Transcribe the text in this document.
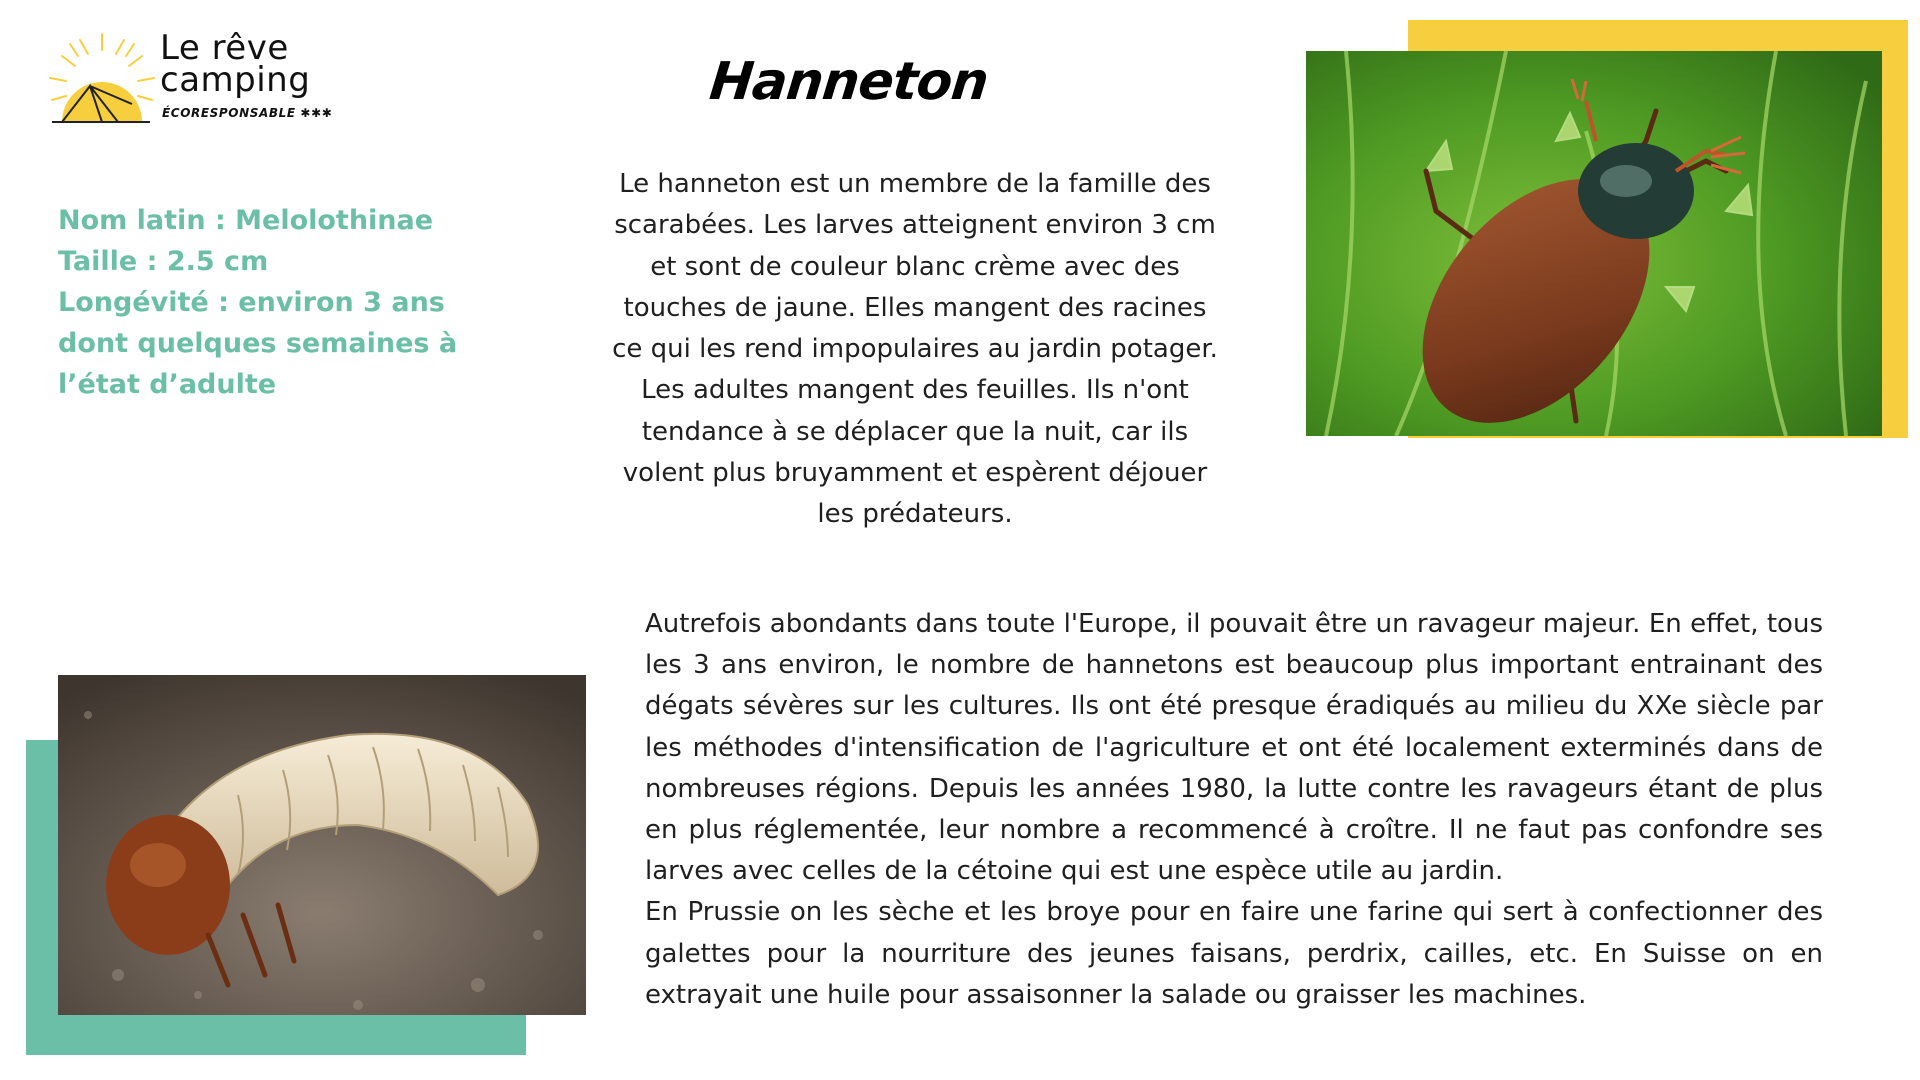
Le rêve
camping
ÉCORESPONSABLE ✱✱✱
Hanneton
Nom latin : Melolothinae
Taille : 2.5 cm
Longévité : environ 3 ans
dont quelques semaines à
l’état d’adulte
Le hanneton est un membre de la famille des scarabées. Les larves atteignent environ 3 cm et sont de couleur blanc crème avec des touches de jaune. Elles mangent des racines ce qui les rend impopulaires au jardin potager. Les adultes mangent des feuilles. Ils n'ont tendance à se déplacer que la nuit, car ils volent plus bruyamment et espèrent déjouer les prédateurs.

Autrefois abondants dans toute l'Europe, il pouvait être un ravageur majeur. En effet, tous les 3 ans environ, le nombre de hannetons est beaucoup plus important entrainant des dégats sévères sur les cultures. Ils ont été presque éradiqués au milieu du XXe siècle par les méthodes d'intensification de l'agriculture et ont été localement exterminés dans de nombreuses régions. Depuis les années 1980, la lutte contre les ravageurs étant de plus en plus réglementée, leur nombre a recommencé à croître. Il ne faut pas confondre ses larves avec celles de la cétoine qui est une espèce utile au jardin.

En Prussie on les sèche et les broye pour en faire une farine qui sert à confectionner des galettes pour la nourriture des jeunes faisans, perdrix, cailles, etc. En Suisse on en extrayait une huile pour assaisonner la salade ou graisser les machines.
